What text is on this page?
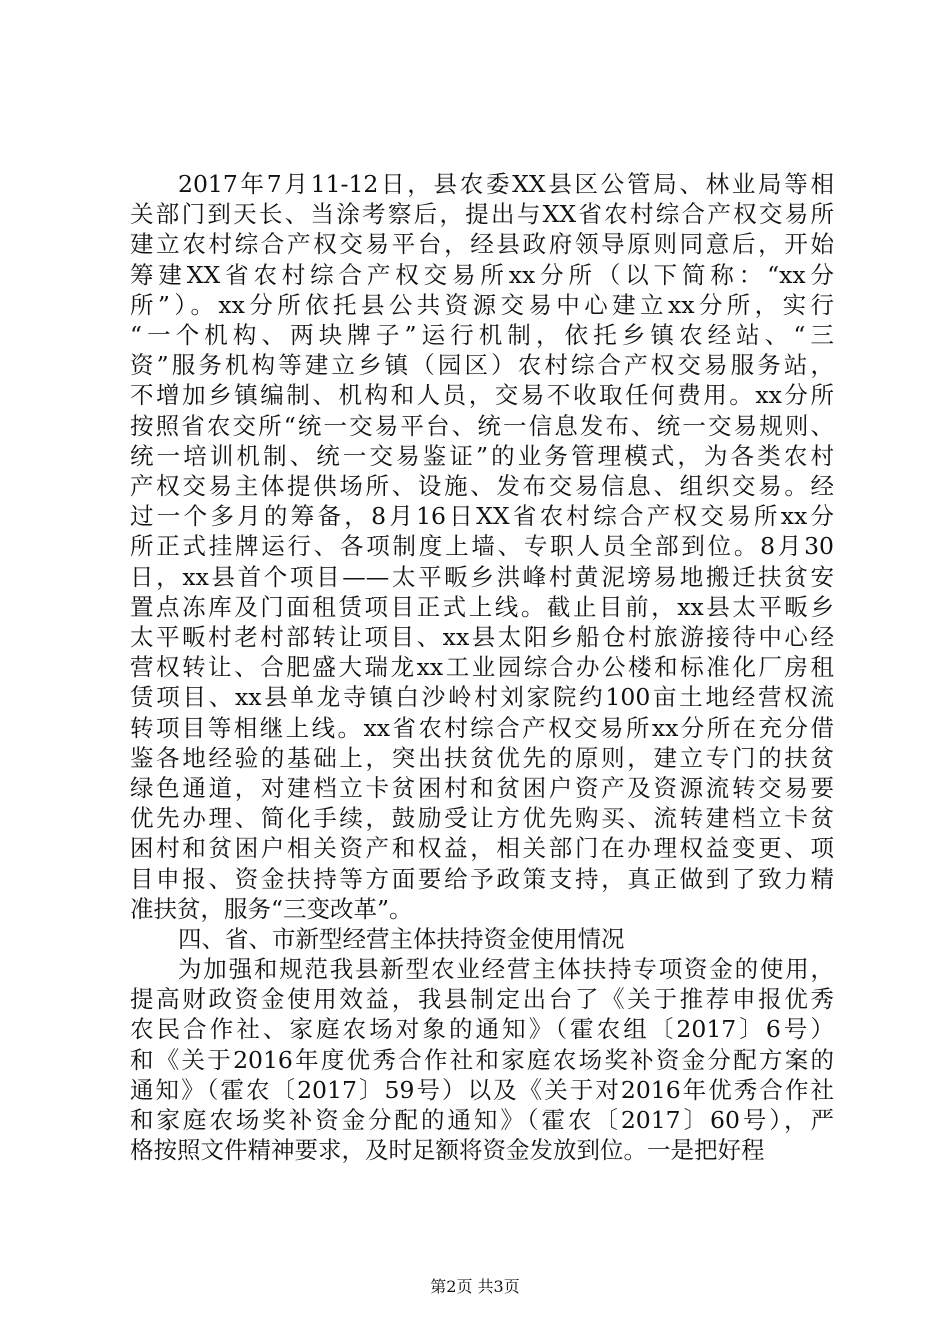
2017年7月11-12日，县农委XX县区公管局、林业局等相
关部门到天长、当涂考察后，提出与XX省农村综合产权交易所
建立农村综合产权交易平台，经县政府领导原则同意后，开始
筹建XX省农村综合产权交易所xx分所（以下简称：“xx分
所”）。xx分所依托县公共资源交易中心建立xx分所，实行
“一个机构、两块牌子”运行机制，依托乡镇农经站、“三
资”服务机构等建立乡镇（园区）农村综合产权交易服务站，
不增加乡镇编制、机构和人员，交易不收取任何费用。xx分所
按照省农交所“统一交易平台、统一信息发布、统一交易规则、
统一培训机制、统一交易鉴证”的业务管理模式，为各类农村
产权交易主体提供场所、设施、发布交易信息、组织交易。经
过一个多月的筹备，8月16日XX省农村综合产权交易所xx分
所正式挂牌运行、各项制度上墙、专职人员全部到位。8月30
日，xx县首个项目——太平畈乡洪峰村黄泥塝易地搬迁扶贫安
置点冻库及门面租赁项目正式上线。截止目前，xx县太平畈乡
太平畈村老村部转让项目、xx县太阳乡船仓村旅游接待中心经
营权转让、合肥盛大瑞龙xx工业园综合办公楼和标准化厂房租
赁项目、xx县单龙寺镇白沙岭村刘家院约100亩土地经营权流
转项目等相继上线。xx省农村综合产权交易所xx分所在充分借
鉴各地经验的基础上，突出扶贫优先的原则，建立专门的扶贫
绿色通道，对建档立卡贫困村和贫困户资产及资源流转交易要
优先办理、简化手续，鼓励受让方优先购买、流转建档立卡贫
困村和贫困户相关资产和权益，相关部门在办理权益变更、项
目申报、资金扶持等方面要给予政策支持，真正做到了致力精
准扶贫，服务“三变改革”。
四、省、市新型经营主体扶持资金使用情况
为加强和规范我县新型农业经营主体扶持专项资金的使用，
提高财政资金使用效益，我县制定出台了《关于推荐申报优秀
农民合作社、家庭农场对象的通知》（霍农组〔2017〕6号）
和《关于2016年度优秀合作社和家庭农场奖补资金分配方案的
通知》（霍农〔2017〕59号）以及《关于对2016年优秀合作社
和家庭农场奖补资金分配的通知》（霍农〔2017〕60号），严
格按照文件精神要求，及时足额将资金发放到位。一是把好程
第2页 共3页
